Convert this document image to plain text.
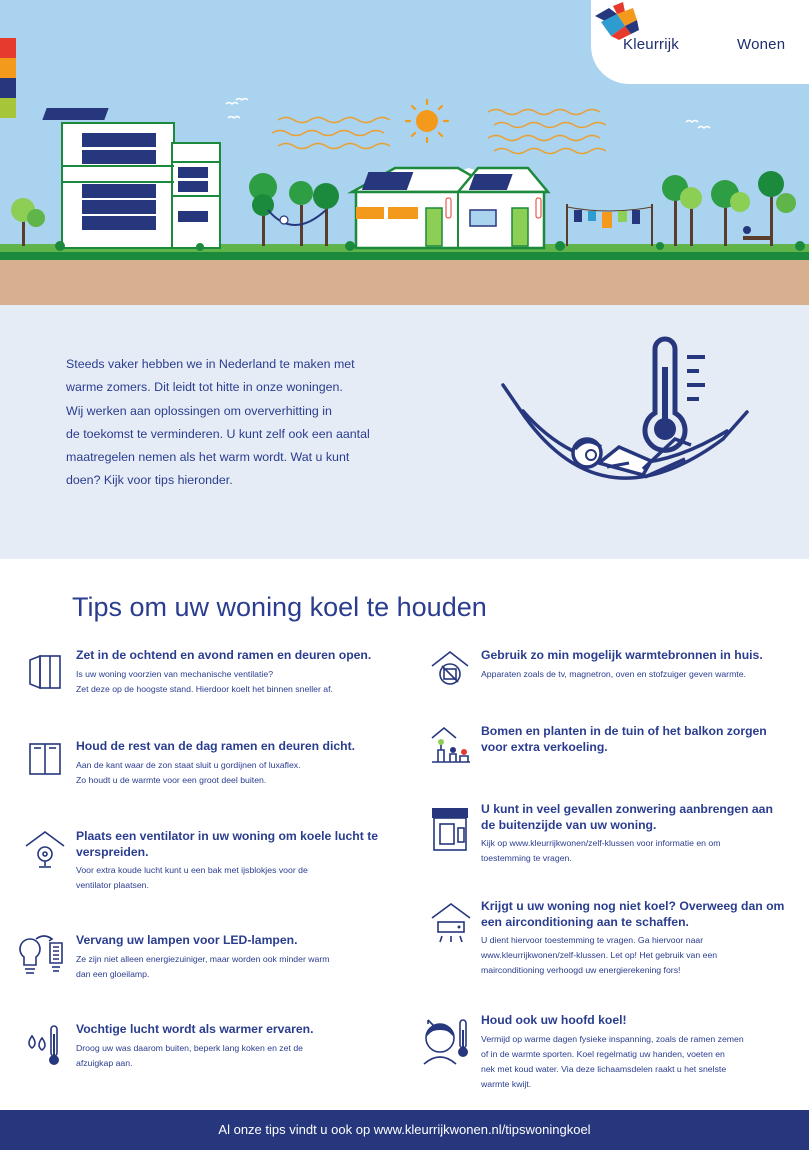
Kleurrijk	Wonen
Steeds vaker hebben we in Nederland te maken met
warme zomers. Dit leidt tot hitte in onze woningen.
Wij werken aan oplossingen om oververhitting in
de toekomst te verminderen. U kunt zelf ook een aantal
maatregelen nemen als het warm wordt. Wat u kunt
doen? Kijk voor tips hieronder.
Tips om uw woning koel te houden
Zet in de ochtend en avond ramen en deuren open.

Is uw woning voorzien van mechanische ventilatie?
Zet deze op de hoogste stand. Hierdoor koelt het binnen sneller af.

Houd de rest van de dag ramen en deuren dicht.

Aan de kant waar de zon staat sluit u gordijnen of luxaflex.
Zo houdt u de warmte voor een groot deel buiten.

Plaats een ventilator in uw woning om koele lucht te
verspreiden.

Voor extra koude lucht kunt u een bak met ijsblokjes voor de
ventilator plaatsen.

Vervang uw lampen voor LED-lampen.

Ze zijn niet alleen energiezuiniger, maar worden ook minder warm
dan een gloeilamp.

Vochtige lucht wordt als warmer ervaren.

Droog uw was daarom buiten, beperk lang koken en zet de
afzuigkap aan.

Gebruik zo min mogelijk warmtebronnen in huis.

Apparaten zoals de tv, magnetron, oven en stofzuiger geven warmte.

Bomen en planten in de tuin of het balkon zorgen
voor extra verkoeling.
U kunt in veel gevallen zonwering aanbrengen aan
de buitenzijde van uw woning.

Kijk op www.kleurrijkwonen/zelf-klussen voor informatie en om
toestemming te vragen.

Krijgt u uw woning nog niet koel? Overweeg dan om
een airconditioning aan te schaffen.

U dient hiervoor toestemming te vragen. Ga hiervoor naar
www.kleurrijkwonen/zelf-klussen. Let op! Het gebruik van een
mairconditioning verhoogd uw energierekening fors!

Houd ook uw hoofd koel!

Vermijd op warme dagen fysieke inspanning, zoals de ramen zemen
of in de warmte sporten. Koel regelmatig uw handen, voeten en
nek met koud water. Via deze lichaamsdelen raakt u het snelste
warmte kwijt.

Al onze tips vindt u ook op www.kleurrijkwonen.nl/tipswoningkoel
